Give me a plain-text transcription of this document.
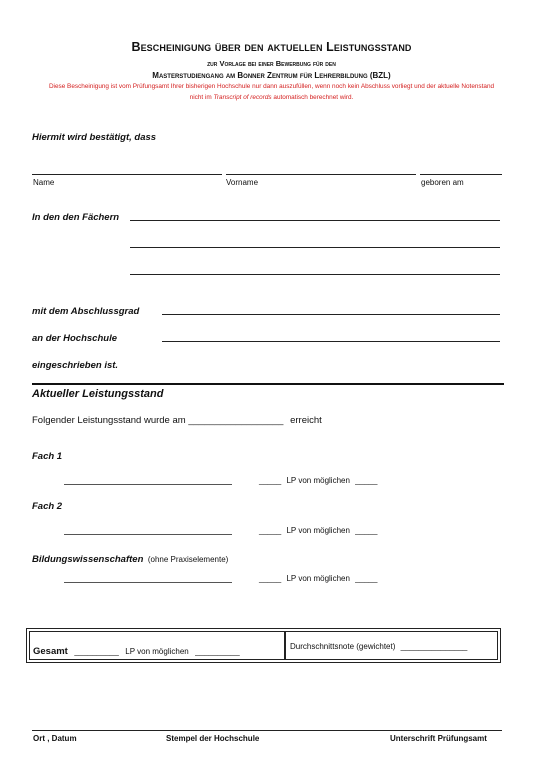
Bescheinigung über den aktuellen Leistungsstand
zur Vorlage bei einer Bewerbung für den
Masterstudiengang am Bonner Zentrum für Lehrerbildung (BZL)
Diese Bescheinigung ist vom Prüfungsamt Ihrer bisherigen Hochschule nur dann auszufüllen, wenn noch kein Abschluss vorliegt und der aktuelle Notenstand
nicht im Transcript of records automatisch berechnet wird.
Hiermit wird bestätigt, dass
Name	Vorname	geboren am
In den den Fächern
mit dem Abschlussgrad
an der Hochschule
eingeschrieben ist.
Aktueller Leistungsstand
Folgender Leistungsstand wurde am __________________ erreicht
Fach 1
_____ LP von möglichen _____
Fach 2
_____ LP von möglichen _____
Bildungswissenschaften (ohne Praxiselemente)
_____ LP von möglichen _____
Gesamt __________ LP von möglichen __________
Durchschnittsnote (gewichtet) _______________
Ort , Datum	Stempel der Hochschule	Unterschrift Prüfungsamt
